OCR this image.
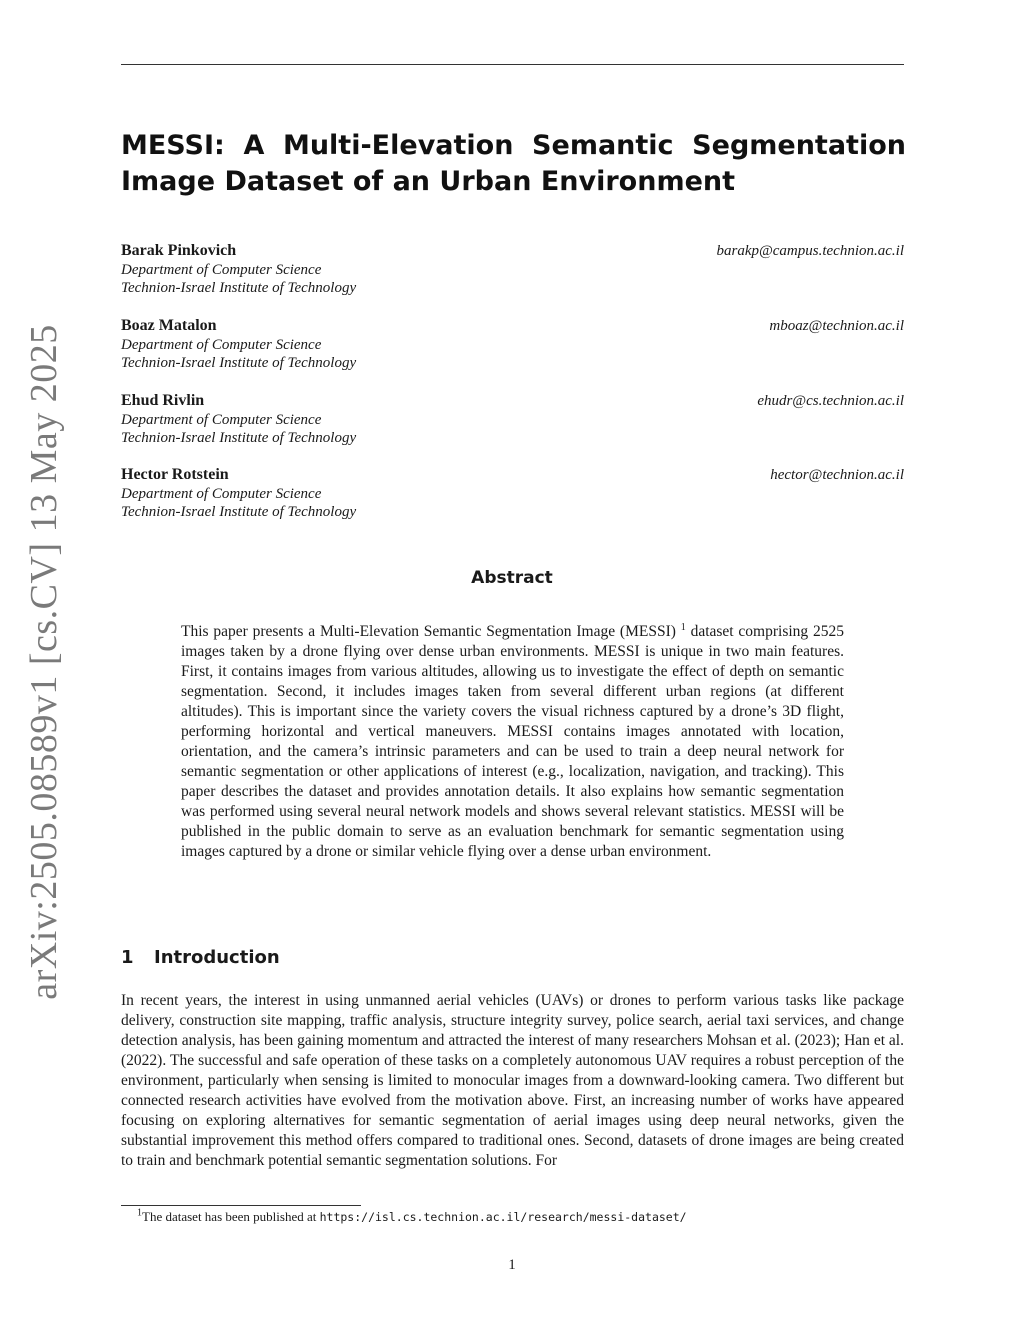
arXiv:2505.08589v1 [cs.CV] 13 May 2025
MESSI: A Multi-Elevation Semantic Segmentation Image Dataset of an Urban Environment
Barak Pinkovich
Department of Computer Science
Technion-Israel Institute of Technology
barakp@campus.technion.ac.il
Boaz Matalon
Department of Computer Science
Technion-Israel Institute of Technology
mboaz@technion.ac.il
Ehud Rivlin
Department of Computer Science
Technion-Israel Institute of Technology
ehudr@cs.technion.ac.il
Hector Rotstein
Department of Computer Science
Technion-Israel Institute of Technology
hector@technion.ac.il
Abstract

This paper presents a Multi-Elevation Semantic Segmentation Image (MESSI) $^1$ dataset comprising 2525 images taken by a drone flying over dense urban environments. MESSI is unique in two main features. First, it contains images from various altitudes, allowing us to investigate the effect of depth on semantic segmentation. Second, it includes images taken from several different urban regions (at different altitudes). This is important since the variety covers the visual richness captured by a drone’s 3D flight, performing horizontal and vertical maneuvers. MESSI contains images annotated with location, orientation, and the camera’s intrinsic parameters and can be used to train a deep neural network for semantic segmentation or other applications of interest (e.g., localization, navigation, and tracking). This paper describes the dataset and provides annotation details. It also explains how semantic segmentation was performed using several neural network models and shows several relevant statistics. MESSI will be published in the public domain to serve as an evaluation benchmark for semantic segmentation using images captured by a drone or similar vehicle flying over a dense urban environment.

1 Introduction

In recent years, the interest in using unmanned aerial vehicles (UAVs) or drones to perform various tasks like package delivery, construction site mapping, traffic analysis, structure integrity survey, police search, aerial taxi services, and change detection analysis, has been gaining momentum and attracted the interest of many researchers Mohsan et al. (2023); Han et al. (2022). The successful and safe operation of these tasks on a completely autonomous UAV requires a robust perception of the environment, particularly when sensing is limited to monocular images from a downward-looking camera. Two different but connected research activities have evolved from the motivation above. First, an increasing number of works have appeared focusing on exploring alternatives for semantic segmentation of aerial images using deep neural networks, given the substantial improvement this method offers compared to traditional ones. Second, datasets of drone images are being created to train and benchmark potential semantic segmentation solutions. For

$^1$The dataset has been published at https://isl.cs.technion.ac.il/research/messi-dataset/
1
